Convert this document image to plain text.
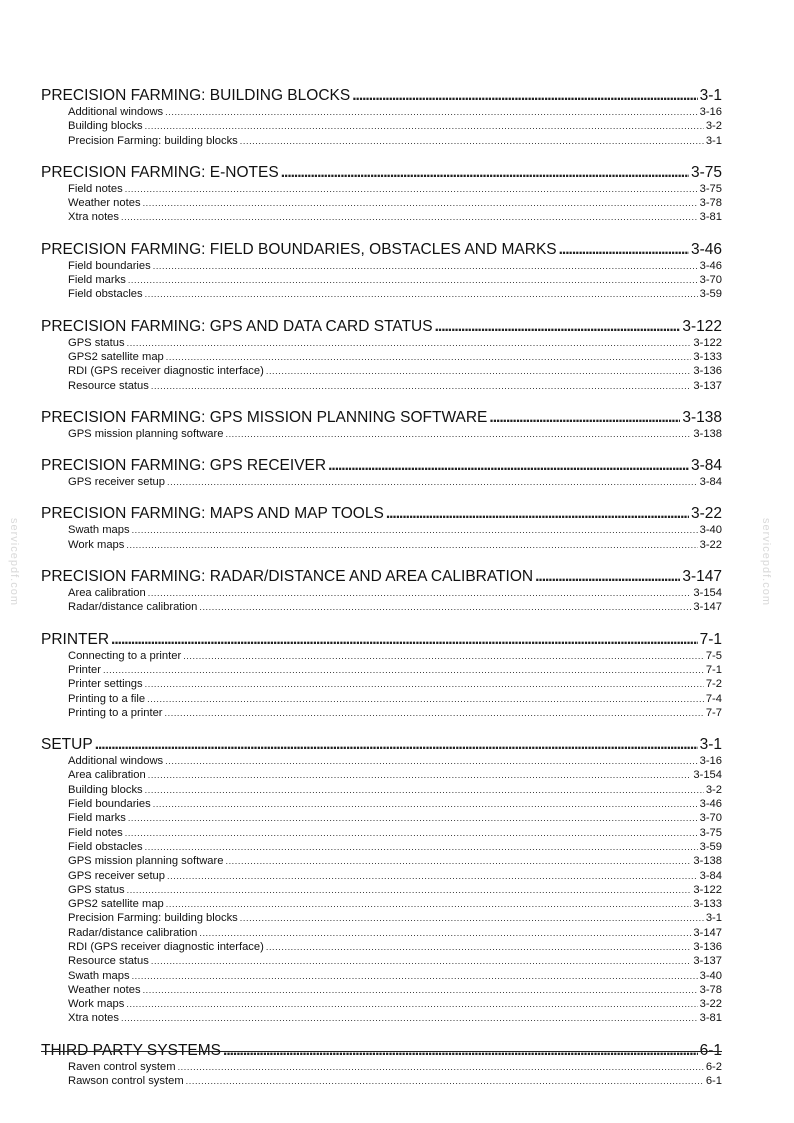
PRECISION FARMING: BUILDING BLOCKS .....	3-1
Additional windows .....	3-16
Building blocks .....	3-2
Precision Farming: building blocks .....	3-1
PRECISION FARMING: E-NOTES .....	3-75
Field notes .....	3-75
Weather notes .....	3-78
Xtra notes .....	3-81
PRECISION FARMING: FIELD BOUNDARIES, OBSTACLES AND MARKS .....	3-46
Field boundaries .....	3-46
Field marks .....	3-70
Field obstacles .....	3-59
PRECISION FARMING: GPS AND DATA CARD STATUS .....	3-122
GPS status .....	3-122
GPS2 satellite map .....	3-133
RDI (GPS receiver diagnostic interface) .....	3-136
Resource status .....	3-137
PRECISION FARMING: GPS MISSION PLANNING SOFTWARE .....	3-138
GPS mission planning software .....	3-138
PRECISION FARMING: GPS RECEIVER .....	3-84
GPS receiver setup .....	3-84
PRECISION FARMING: MAPS AND MAP TOOLS .....	3-22
Swath maps .....	3-40
Work maps .....	3-22
PRECISION FARMING: RADAR/DISTANCE AND AREA CALIBRATION .....	3-147
Area calibration .....	3-154
Radar/distance calibration .....	3-147
PRINTER .....	7-1
Connecting to a printer .....	7-5
Printer .....	7-1
Printer settings .....	7-2
Printing to a file .....	7-4
Printing to a printer .....	7-7
SETUP .....	3-1
Additional windows .....	3-16
Area calibration .....	3-154
Building blocks .....	3-2
Field boundaries .....	3-46
Field marks .....	3-70
Field notes .....	3-75
Field obstacles .....	3-59
GPS mission planning software .....	3-138
GPS receiver setup .....	3-84
GPS status .....	3-122
GPS2 satellite map .....	3-133
Precision Farming: building blocks .....	3-1
Radar/distance calibration .....	3-147
RDI (GPS receiver diagnostic interface) .....	3-136
Resource status .....	3-137
Swath maps .....	3-40
Weather notes .....	3-78
Work maps .....	3-22
Xtra notes .....	3-81
THIRD PARTY SYSTEMS .....	6-1
Raven control system .....	6-2
Rawson control system .....	6-1
servicepdf.com	servicepdf.com
